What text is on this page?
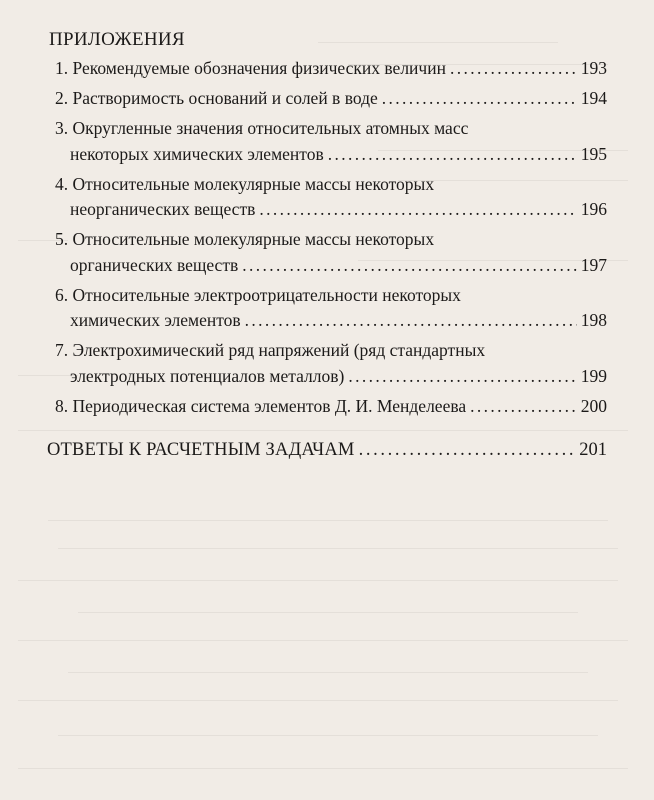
ПРИЛОЖЕНИЯ
1. Рекомендуемые обозначения физических величин . . .	193
2. Растворимость оснований и солей в воде . . .	194
3. Округленные значения относительных атомных масс
некоторых химических элементов . . .	195
4. Относительные молекулярные массы некоторых
неорганических веществ . . .	196
5. Относительные молекулярные массы некоторых
органических веществ . . .	197
6. Относительные электроотрицательности некоторых
химических элементов . . .	198
7. Электрохимический ряд напряжений (ряд стандартных
электродных потенциалов металлов) . . .	199
8. Периодическая система элементов Д. И. Менделеева . . .	200
ОТВЕТЫ К РАСЧЕТНЫМ ЗАДАЧАМ . . .	201
